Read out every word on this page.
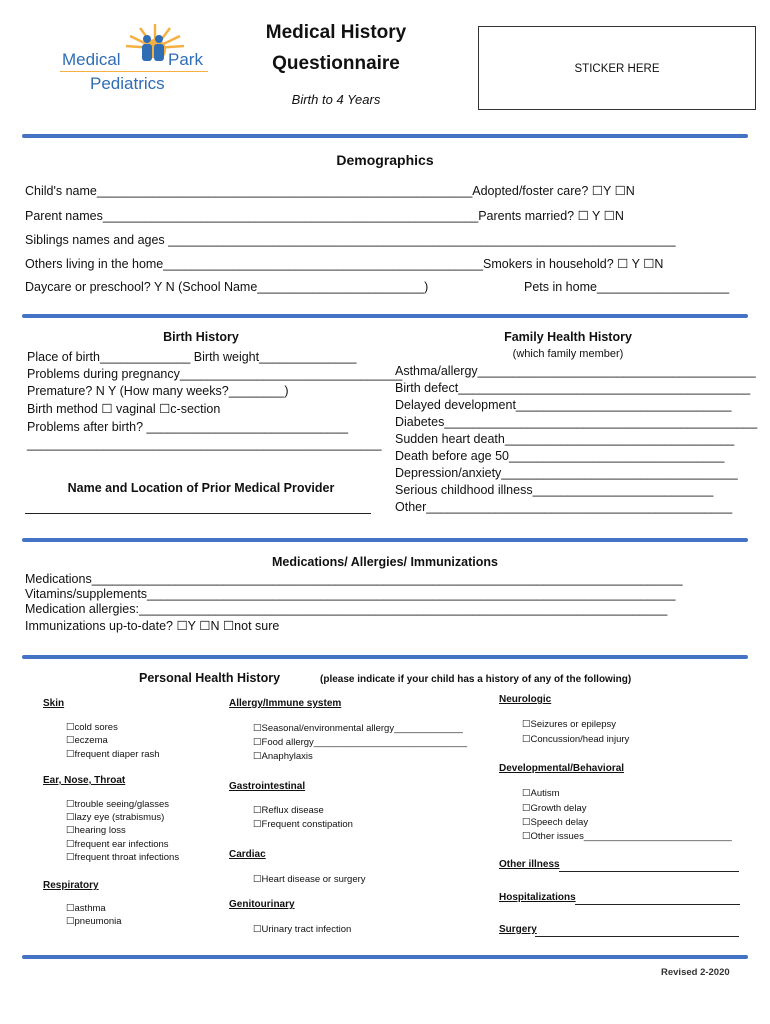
Medical	Park
Pediatrics
Medical History
Questionnaire
Birth to 4 Years
STICKER HERE
Demographics
Child's name______________________________________________________Adopted/foster care? ☐Y ☐N
Parent names______________________________________________________Parents married? ☐ Y ☐N
Siblings names and ages _________________________________________________________________________
Others living in the home______________________________________________Smokers in household? ☐ Y ☐N
Daycare or preschool? Y N (School Name________________________)	Pets in home___________________
Birth History
Place of birth_____________ Birth weight______________
Problems during pregnancy________________________________
Premature? N Y (How many weeks?________)
Birth method ☐ vaginal ☐c-section
Problems after birth? _____________________________
___________________________________________________
Name and Location of Prior Medical Provider
Family Health History
(which family member)
Asthma/allergy________________________________________
Birth defect__________________________________________
Delayed development_______________________________
Diabetes_____________________________________________
Sudden heart death_________________________________
Death before age 50_______________________________
Depression/anxiety__________________________________
Serious childhood illness__________________________
Other____________________________________________
Medications/ Allergies/ Immunizations
Medications_____________________________________________________________________________________
Vitamins/supplements____________________________________________________________________________
Medication allergies:____________________________________________________________________________
Immunizations up-to-date? ☐Y ☐N ☐not sure
Personal Health History	(please indicate if your child has a history of any of the following)
Skin
☐cold sores
☐eczema
☐frequent diaper rash
Ear, Nose, Throat
☐trouble seeing/glasses
☐lazy eye (strabismus)
☐hearing loss
☐frequent ear infections
☐frequent throat infections
Respiratory
☐asthma
☐pneumonia
Allergy/Immune system
☐Seasonal/environmental allergy_____________
☐Food allergy_____________________________
☐Anaphylaxis
Gastrointestinal
☐Reflux disease
☐Frequent constipation
Cardiac
☐Heart disease or surgery
Genitourinary
☐Urinary tract infection
Neurologic
☐Seizures or epilepsy
☐Concussion/head injury
Developmental/Behavioral
☐Autism
☐Growth delay
☐Speech delay
☐Other issues____________________________
Other illness
Hospitalizations
Surgery
Revised 2-2020
